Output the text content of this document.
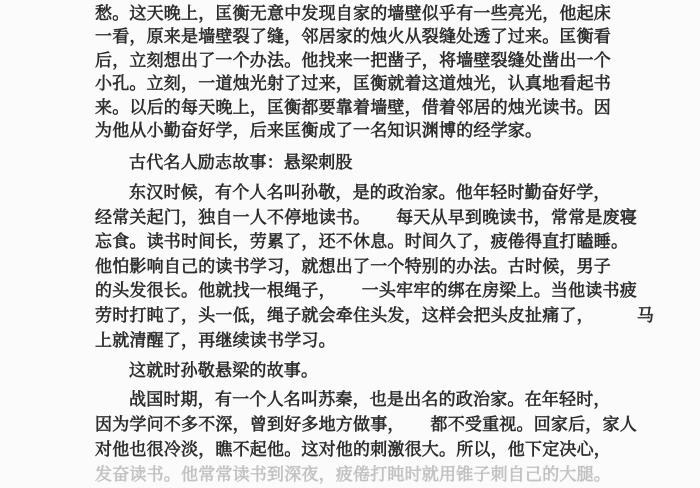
愁。这天晚上，匡衡无意中发现自家的墙壁似乎有一些亮光，他起床
一看，原来是墙壁裂了缝，邻居家的烛火从裂缝处透了过来。匡衡看
后，立刻想出了一个办法。他找来一把凿子，将墙壁裂缝处凿出一个
小孔。立刻，一道烛光射了过来，匡衡就着这道烛光，认真地看起书
来。以后的每天晚上，匡衡都要靠着墙壁，借着邻居的烛光读书。因
为他从小勤奋好学，后来匡衡成了一名知识渊博的经学家。
古代名人励志故事：悬梁刺股
东汉时候，有个人名叫孙敬，是的政治家。他年轻时勤奋好学，
经常关起门，独自一人不停地读书。　　每天从早到晚读书，常常是废寝
忘食。读书时间长，劳累了，还不休息。时间久了，疲倦得直打瞌睡。
他怕影响自己的读书学习，就想出了一个特别的办法。古时候，男子
的头发很长。他就找一根绳子，　　一头牢牢的绑在房梁上。当他读书疲
劳时打盹了，头一低，绳子就会牵住头发，这样会把头皮扯痛了，　　　马
上就清醒了，再继续读书学习。
这就时孙敬悬梁的故事。
战国时期，有一个人名叫苏秦，也是出名的政治家。在年轻时，
因为学问不多不深，曾到好多地方做事，　　都不受重视。回家后，家人
对他也很冷淡，瞧不起他。这对他的刺激很大。所以，他下定决心，
发奋读书。他常常读书到深夜，疲倦打盹时就用锥子刺自己的大腿。
